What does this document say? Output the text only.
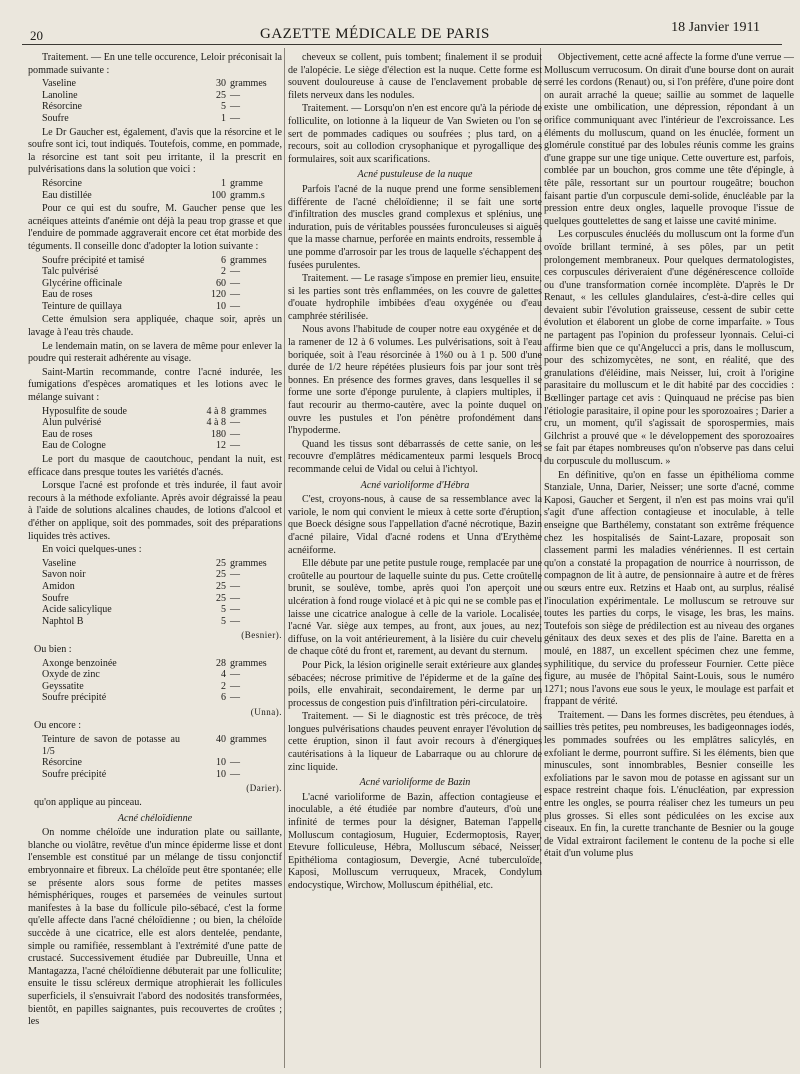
20	GAZETTE MÉDICALE DE PARIS	18 Janvier 1911

Traitement. — En une telle occurence, Leloir préconisait la pommade suivante :

Vaseline	30	grammes
Lanoline	25	—
Résorcine	5	—
Soufre	1	—

Le Dr Gaucher est, également, d'avis que la résorcine et le soufre sont ici, tout indiqués. Toutefois, comme, en pommade, la résorcine est tant soit peu irritante, il la prescrit en pulvérisations dans la solution que voici :

Résorcine	1	gramme
Eau distillée	100	gramm.s

Pour ce qui est du soufre, M. Gaucher pense que les acnéiques atteints d'anémie ont déjà la peau trop grasse et que l'enduire de pommade aggraverait encore cet état morbide des téguments. Il conseille donc d'adopter la lotion suivante :

Soufre précipité et tamisé	6	grammes
Talc pulvérisé	2	—
Glycérine officinale	60	—
Eau de roses	120	—
Teinture de quillaya	10	—

Cette émulsion sera appliquée, chaque soir, après un lavage à l'eau très chaude.

Le lendemain matin, on se lavera de même pour enlever la poudre qui resterait adhérente au visage.

Saint-Martin recommande, contre l'acné indurée, les fumigations d'espèces aromatiques et les lotions avec le mélange suivant :

Hyposulfite de soude	4 à 8	grammes
Alun pulvérisé	4 à 8	—
Eau de roses	180	—
Eau de Cologne	12	—

Le port du masque de caoutchouc, pendant la nuit, est efficace dans presque toutes les variétés d'acnés.

Lorsque l'acné est profonde et très indurée, il faut avoir recours à la méthode exfoliante. Après avoir dégraissé la peau à l'aide de solutions alcalines chaudes, de lotions d'alcool et d'éther on applique, soit des pommades, soit des préparations liquides très actives.

En voici quelques-unes :

Vaseline	25	grammes
Savon noir	25	—
Amidon	25	—
Soufre	25	—
Acide salicylique	5	—
Naphtol B	5	—

(Besnier).

Ou bien :

Axonge benzoinée	28	grammes
Oxyde de zinc	4	—
Geyssatite	2	—
Soufre précipité	6	—

(Unna).

Ou encore :

Teinture de savon de potasse au 1/5	40	grammes
Résorcine	10	—
Soufre précipité	10	—

(Darier).

qu'on applique au pinceau.

Acné chéloïdienne

On nomme chéloïde une induration plate ou saillante, blanche ou violâtre, revêtue d'un mince épiderme lisse et dont l'ensemble est constitué par un mélange de tissu conjonctif embryonnaire et fibreux. La chéloïde peut être spontanée; elle se présente alors sous forme de petites masses hémisphériques, rouges et parsemées de veinules surtout manifestes à la base du follicule pilo-sébacé, c'est la forme qu'elle affecte dans l'acné chéloïdienne ; ou bien, la chéloïde succède à une cicatrice, elle est alors dentelée, pendante, simple ou ramifiée, ressemblant à l'extrémité d'une patte de crustacé. Successivement étudiée par Dubreuille, Unna et Mantagazza, l'acné chéloïdienne débuterait par une folliculite; ensuite le tissu scléreux dermique atrophierait les follicules superficiels, il s'ensuivrait l'abord des nodosités transformées, bientôt, en papilles saignantes, puis recouvertes de croûtes ; les

cheveux se collent, puis tombent; finalement il se produit de l'alopécie. Le siège d'élection est la nuque. Cette forme est souvent douloureuse à cause de l'enclavement probable de filets nerveux dans les nodules.

Traitement. — Lorsqu'on n'en est encore qu'à la période de folliculite, on lotionne à la liqueur de Van Swieten ou l'on se sert de pommades cadiques ou soufrées ; plus tard, on a recours, soit au collodion crysophanique et pyrogallique des formulaires, soit aux scarifications.

Acné pustuleuse de la nuque

Parfois l'acné de la nuque prend une forme sensiblement différente de l'acné chéloïdienne; il se fait une sorte d'infiltration des muscles grand complexus et splénius, une induration, puis de véritables poussées furonculeuses si aiguës que la masse charnue, perforée en maints endroits, ressemble à une pomme d'arrosoir par les trous de laquelle s'échappent des fusées purulentes.

Traitement. — Le rasage s'impose en premier lieu, ensuite, si les parties sont très enflammées, on les couvre de galettes d'ouate hydrophile imbibées d'eau oxygénée ou d'eau camphrée stérilisée.

Nous avons l'habitude de couper notre eau oxygénée et de la ramener de 12 à 6 volumes. Les pulvérisations, soit à l'eau boriquée, soit à l'eau résorcinée à 1%0 ou à 1 p. 500 d'une durée de 1/2 heure répétées plusieurs fois par jour sont très bonnes. En présence des formes graves, dans lesquelles il se forme une sorte d'éponge purulente, à clapiers multiples, il faut recourir au thermo-cautère, avec la pointe duquel on ouvre les pustules et l'on pénètre profondément dans l'hypoderme.

Quand les tissus sont débarrassés de cette sanie, on les recouvre d'emplâtres médicamenteux parmi lesquels Brocq recommande celui de Vidal ou celui à l'ichtyol.

Acné varioliforme d'Hébra

C'est, croyons-nous, à cause de sa ressemblance avec la variole, le nom qui convient le mieux à cette sorte d'éruption, que Boeck désigne sous l'appellation d'acné nécrotique, Bazin d'acné pilaire, Vidal d'acné rodens et Unna d'Erythème acnéiforme.

Elle débute par une petite pustule rouge, remplacée par une croûtelle au pourtour de laquelle suinte du pus. Cette croûtelle brunit, se soulève, tombe, après quoi l'on aperçoit une ulcération à fond rouge violacé et à pic qui ne se comble pas et laisse une cicatrice analogue à celle de la variole. Localisée, l'acné Var. siège aux tempes, au front, aux joues, au nez; diffuse, on la voit antérieurement, à la lisière du cuir chevelu de chaque côté du front et, rarement, au devant du sternum.

Pour Pick, la lésion originelle serait extérieure aux glandes sébacées; nécrose primitive de l'épiderme et de la gaîne des poils, elle envahirait, secondairement, le derme par un processus de congestion puis d'infiltration péri-circulatoire.

Traitement. — Si le diagnostic est très précoce, de très longues pulvérisations chaudes peuvent enrayer l'évolution de cette éruption, sinon il faut avoir recours à d'énergiques cautérisations à la liqueur de Labarraque ou au chlorure de zinc liquide.

Acné varioliforme de Bazin

L'acné varioliforme de Bazin, affection contagieuse et inoculable, a été étudiée par nombre d'auteurs, d'où une infinité de termes pour la désigner, Bateman l'appelle Molluscum contagiosum, Huguier, Ecdermoptosis, Rayer, Etevure folliculeuse, Hébra, Molluscum sébacé, Neisser, Epithélioma contagiosum, Devergie, Acné tuberculoïde, Kaposi, Molluscum verruqueux, Mracek, Condylum endocystique, Wirchow, Molluscum épithélial, etc.

Objectivement, cette acné affecte la forme d'une verrue — Molluscum verrucosum. On dirait d'une bourse dont on aurait serré les cordons (Renaut) ou, si l'on préfère, d'une poire dont on aurait arraché la queue; saillie au sommet de laquelle existe une ombilication, une dépression, répondant à un orifice communiquant avec l'intérieur de l'excroissance. Les éléments du molluscum, quand on les énuclée, forment un glomérule constitué par des lobules réunis comme les grains d'une grappe sur une tige unique. Cette ouverture est, parfois, comblée par un bouchon, gros comme une tête d'épingle, à tête pâle, ressortant sur un pourtour rougeâtre; bouchon faisant partie d'un corpuscule demi-solide, énucléable par la pression entre deux ongles, laquelle provoque l'issue de quelques gouttelettes de sang et laisse une cavité minime.

Les corpuscules énucléés du molluscum ont la forme d'un ovoïde brillant terminé, à ses pôles, par un petit prolongement membraneux. Pour quelques dermatologistes, ces corpuscules dériveraient d'une dégénérescence colloïde ou d'une transformation cornée incomplète. D'après le Dr Renaut, « les cellules glandulaires, c'est-à-dire celles qui devaient subir l'évolution graisseuse, cessent de subir cette évolution et élaborent un globe de corne imparfaite. » Tous ne partagent pas l'opinion du professeur lyonnais. Celui-ci affirme bien que ce qu'Angelucci a pris, dans le molluscum, pour des schizomycètes, ne sont, en réalité, que des granulations d'éléidine, mais Neisser, lui, croit à l'origine parasitaire du molluscum et le dit habité par des coccidies : Bœllinger partage cet avis : Quinquaud ne précise pas bien l'étiologie parasitaire, il opine pour les sporozoaires ; Darier a cru, un moment, qu'il s'agissait de sporospermies, mais Gilchrist a prouvé que « le développement des sporozoaires se fait par étapes nombreuses qu'on n'observe pas dans celui du corpuscule du molluscum. »

En définitive, qu'on en fasse un épithélioma comme Stanziale, Unna, Darier, Neisser; une sorte d'acné, comme Kaposi, Gaucher et Sergent, il n'en est pas moins vrai qu'il s'agit d'une affection contagieuse et inoculable, à telle enseigne que Barthélemy, constatant son extrême fréquence chez les hospitalisés de Saint-Lazare, proposait son classement parmi les maladies vénériennes. Il est certain qu'on a constaté la propagation de nourrice à nourrisson, de compagnon de lit à autre, de pensionnaire à autre et de frères ou sœurs entre eux. Retzins et Haab ont, au surplus, réalisé l'inoculation expérimentale. Le molluscum se retrouve sur toutes les parties du corps, le visage, les bras, les mains. Toutefois son siège de prédilection est au niveau des organes génitaux des deux sexes et des plis de l'aine. Baretta en a moulé, en 1887, un excellent spécimen chez une femme, syphilitique, du service du professeur Fournier. Cette pièce figure, au musée de l'hôpital Saint-Louis, sous le numéro 1271; nous l'avons eue sous le yeux, le moulage est parfait et frappant de vérité.

Traitement. — Dans les formes discrètes, peu étendues, à saillies très petites, peu nombreuses, les badigeonnages iodés, les pommades soufrées ou les emplâtres salicylés, en exfoliant le derme, pourront suffire. Si les éléments, bien que minuscules, sont innombrables, Besnier conseille les exfoliations par le savon mou de potasse en agissant sur un espace restreint chaque fois. L'énucléation, par expression entre les ongles, se pourra réaliser chez les tumeurs un peu plus grosses. Si elles sont pédiculées on les excise aux ciseaux. En fin, la curette tranchante de Besnier ou la gouge de Vidal extrairont facilement le contenu de la poche si elle était d'un volume plus
